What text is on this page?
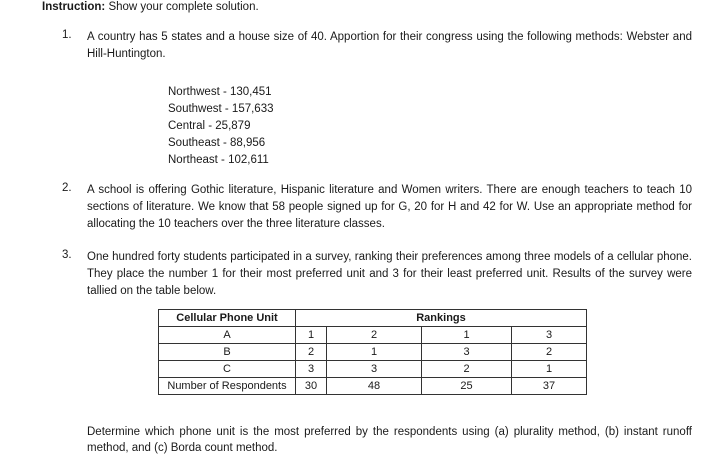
Instruction: Show your complete solution.
1. A country has 5 states and a house size of 40. Apportion for their congress using the following methods: Webster and Hill-Huntington.
Northwest - 130,451
Southwest - 157,633
Central - 25,879
Southeast - 88,956
Northeast - 102,611
2. A school is offering Gothic literature, Hispanic literature and Women writers. There are enough teachers to teach 10 sections of literature. We know that 58 people signed up for G, 20 for H and 42 for W. Use an appropriate method for allocating the 10 teachers over the three literature classes.
3. One hundred forty students participated in a survey, ranking their preferences among three models of a cellular phone. They place the number 1 for their most preferred unit and 3 for their least preferred unit. Results of the survey were tallied on the table below.
Cellular Phone Unit	Rankings			
A	1	2	1	3
B	2	1	3	2
C	3	3	2	1
Number of Respondents	30	48	25	37
Determine which phone unit is the most preferred by the respondents using (a) plurality method, (b) instant runoff method, and (c) Borda count method.
